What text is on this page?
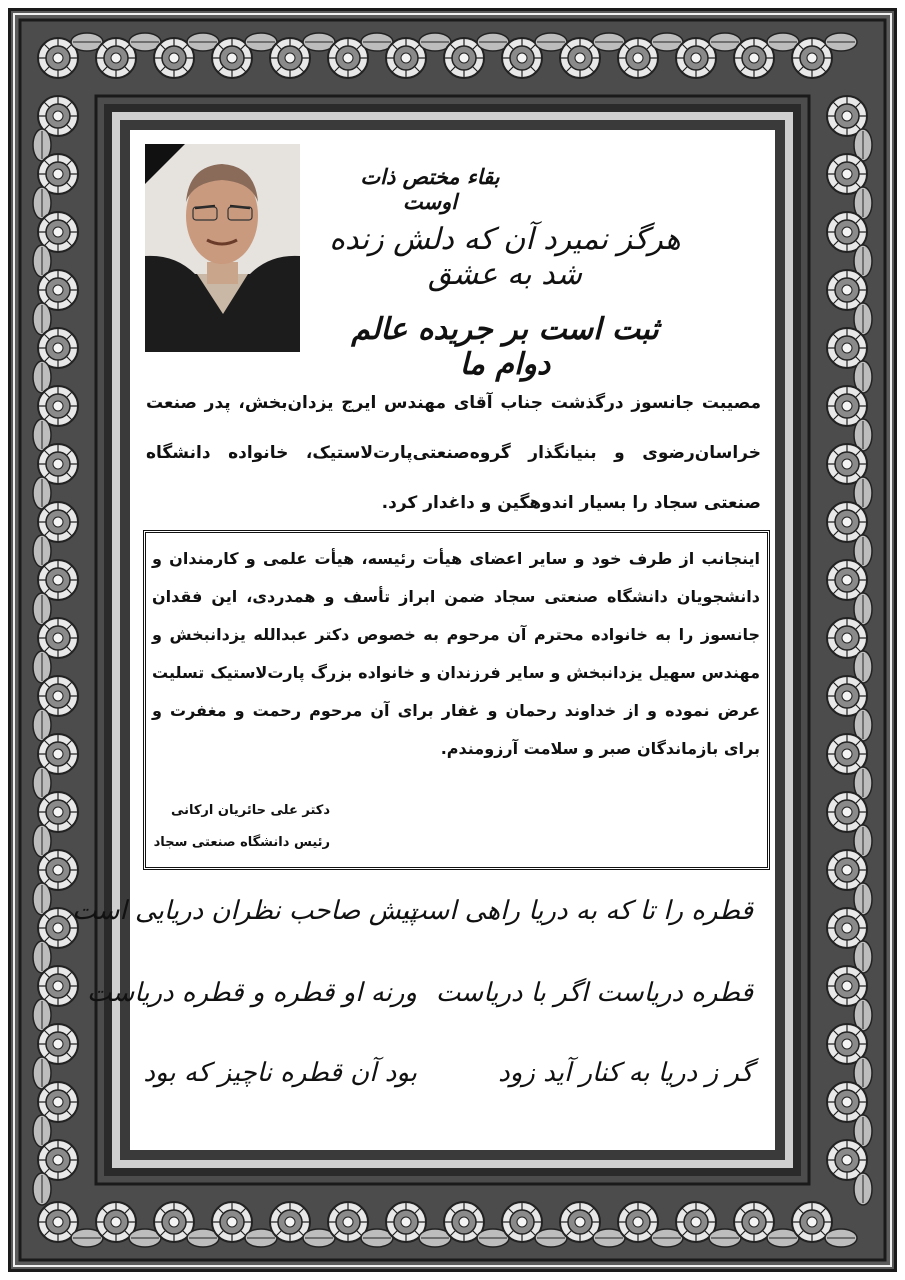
بقاء مختص ذات اوست
هرگز نمیرد آن که دلش زنده شد به عشق
ثبت است بر جریده عالم دوام ما
مصیبت جانسوز درگذشت جناب آقای مهندس ایرج یزدان‌بخش، پدر صنعت خراسان‌رضوی و بنیانگذار گروه‌صنعتی‌پارت‌لاستیک، خانواده دانشگاه صنعتی سجاد را بسیار اندوهگین و داغدار کرد.
اینجانب از طرف خود و سایر اعضای هیأت رئیسه، هیأت علمی و کارمندان و دانشجویان دانشگاه صنعتی سجاد ضمن ابراز تأسف و همدردی، این فقدان جانسوز را به خانواده محترم آن مرحوم به خصوص دکتر عبدالله یزدانبخش و مهندس سهیل یزدانبخش و سایر فرزندان و خانواده بزرگ پارت‌لاستیک تسلیت عرض نموده و از خداوند رحمان و غفار برای آن مرحوم رحمت و مغفرت و برای بازماندگان صبر و سلامت آرزومندم.
دکتر علی حائریان ارکانی
رئیس دانشگاه صنعتی سجاد
قطره را تا که به دریا راهی است
پیش صاحب نظران دریایی است
قطره دریاست اگر با دریاست
ورنه او قطره و قطره دریاست
گر ز دریا به کنار آید زود
بود آن قطره ناچیز که بود
